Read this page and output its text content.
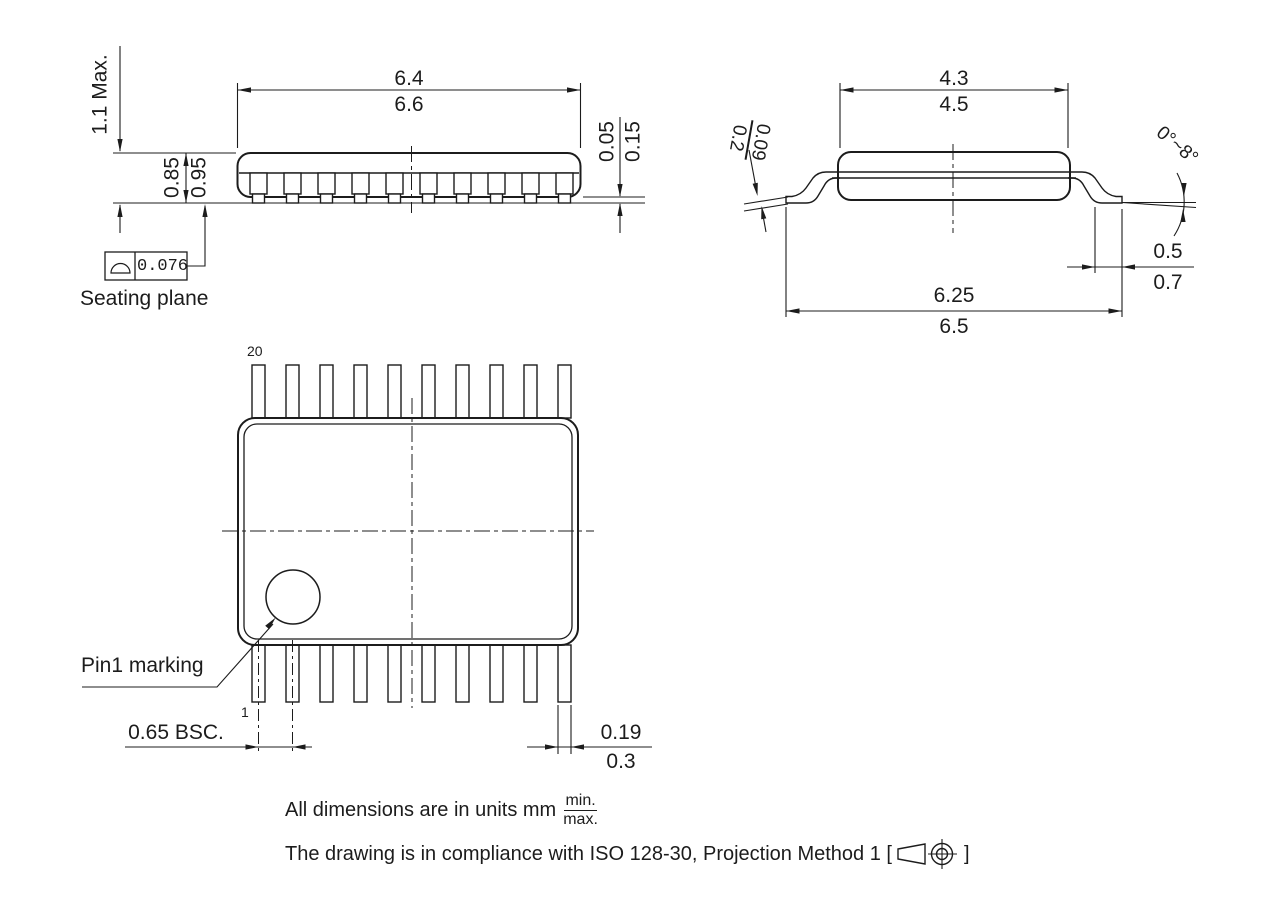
1.1 Max.	6.4
6.6
0.85 0.95
0.05 0.15
0.076
Seating plane
4.3
4.5
0.09
0.2	0°~8°
0.5
0.7
6.25
6.5
20
Pin1 marking
1
0.65 BSC.	0.19
0.3
All dimensions are in units mm min.
max.
The drawing is in compliance with ISO 128-30, Projection Method 1 [	]
